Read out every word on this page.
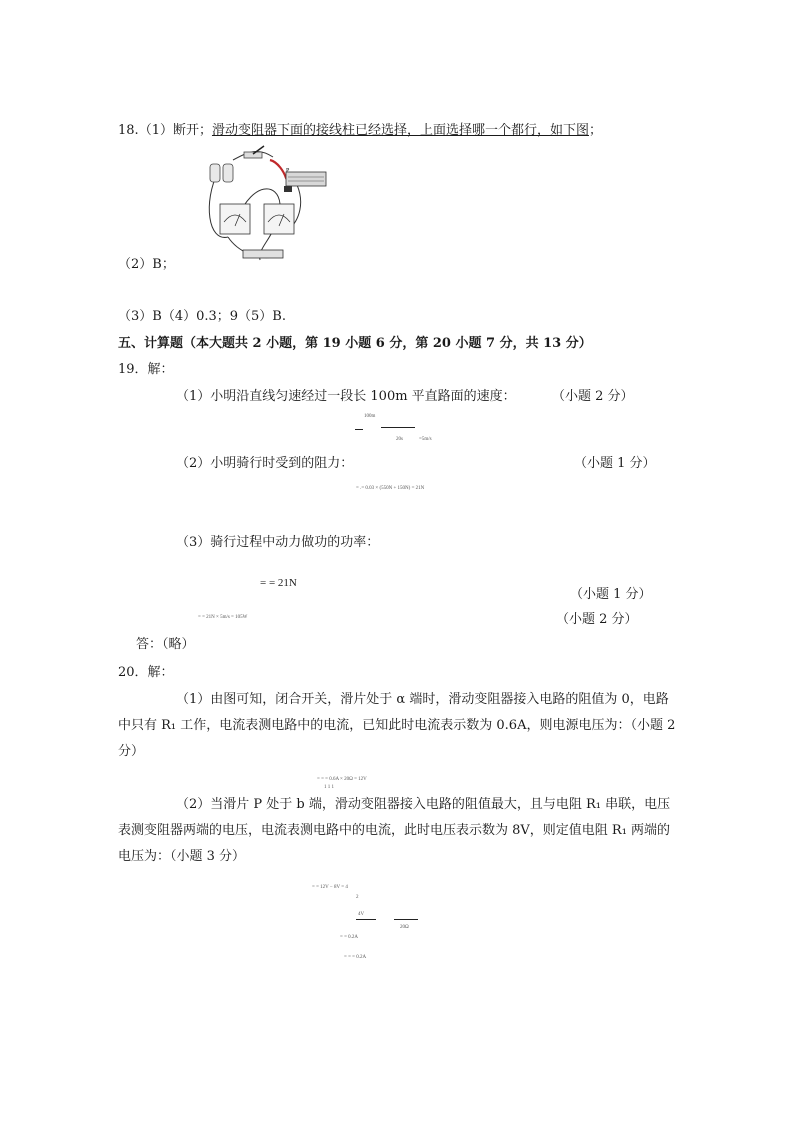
18.（1）断开；滑动变阻器下面的接线柱已经选择，上面选择哪一个都行，如下图；
P
（2）B；
（3）B（4）0.3；9（5）B.
五、计算题（本大题共 2 小题，第 19 小题 6 分，第 20 小题 7 分，共 13 分）
19．解：
（1）小明沿直线匀速经过一段长 100m 平直路面的速度：	（小题 2 分）
100m
20s	=5m/s
（2）小明骑行时受到的阻力：	（小题 1 分）
= .= 0.03 × (550N + 150N) = 21N
（3）骑行过程中动力做功的功率：
= = 21N
（小题 1 分）
= = 21N × 5m/s = 105W	（小题 2 分）
答：（略）
20．解：
（1）由图可知，闭合开关，滑片处于 α 端时，滑动变阻器接入电路的阻值为 0，电路中只有 R₁ 工作，电流表测电路中的电流，已知此时电流表示数为 0.6A，则电源电压为：（小题 2 分）
= = = 0.6A × 20Ω = 12V
1 1 1
（2）当滑片 P 处于 b 端，滑动变阻器接入电路的阻值最大，且与电阻 R₁ 串联，电压表测变阻器两端的电压，电流表测电路中的电流，此时电压表示数为 8V，则定值电阻 R₁ 两端的电压为：（小题 3 分）
= = 12V − 8V = 4
2
4V
20Ω
= = 0.2A
= = = 0.2A
